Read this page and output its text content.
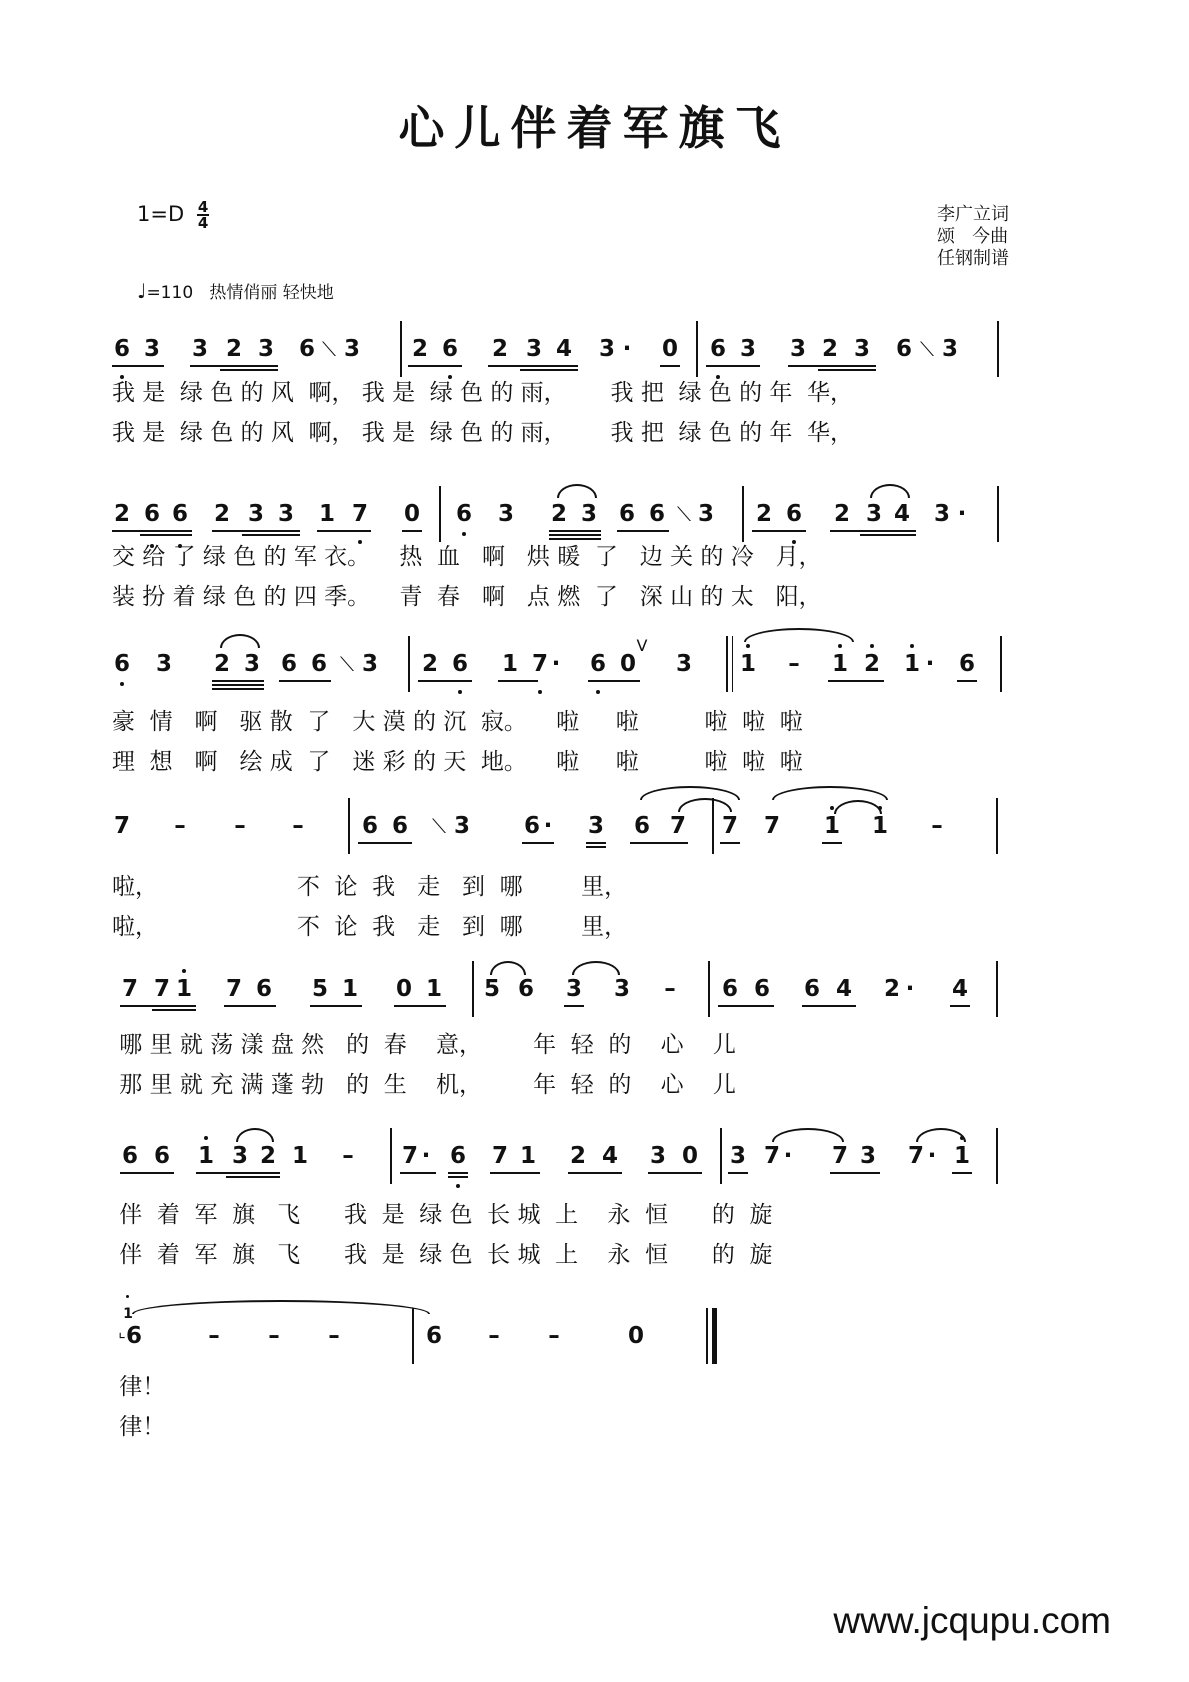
心儿伴着军旗飞
$1=D \frac{4}{4}$
♩=110 热情俏丽 轻快地
李广立词
颂   今曲
任钢制谱
6 3 3 2 3 6 ⟍ 3 2 6 2 3 4 3 · 0 6 3 3 2 3 6 ⟍ 3
我 是  绿 色 的 风  啊， 我 是  绿 色 的 雨，      我 把  绿 色 的 年  华，
我 是  绿 色 的 风  啊， 我 是  绿 色 的 雨，      我 把  绿 色 的 年  华，
2 6 6 2 3 3 1 7 0 6 3 2 3 6 6 ⟍ 3 2 6 2 3 4 3 ·
交 给 了 绿 色 的 军 衣。    热  血   啊   烘 暖  了   边 关 的 冷   月，
装 扮 着 绿 色 的 四 季。    青  春   啊   点 燃  了   深 山 的 太   阳，
6 3 2 3 6 6 ⟍ 3 2 6 1 7 · 6 0
V
3 1 – 1 2 1 · 6
豪  情   啊   驱 散  了   大 漠 的 沉  寂。    啦     啦         啦  啦  啦
理  想   啊   绘 成  了   迷 彩 的 天  地。    啦     啦         啦  啦  啦
7 – – –	6 6 ⟍ 3 6 · 3 6 7 7 7 1 1 –
啦，                   不  论  我   走   到  哪        里，
啦，                   不  论  我   走   到  哪        里，
7 7 1 7 6 5 1 0 1 5 6 3 3 – 6 6 6 4 2 · 4
哪 里 就 荡 漾 盘 然   的  春    意，       年  轻  的    心    儿
那 里 就 充 满 蓬 勃   的  生    机，       年  轻  的    心    儿
6 6 1 3 2 1 – 7 · 6 7 1 2 4 3 0 3 7 · 7 3 7 · 1
伴  着  军  旗   飞      我  是  绿 色  长 城  上    永  恒      的  旋
伴  着  军  旗   飞      我  是  绿 色  长 城  上    永  恒      的  旋
1
⌞ 6	– – –	6 – –	0
律！
律！
www.jcqupu.com
